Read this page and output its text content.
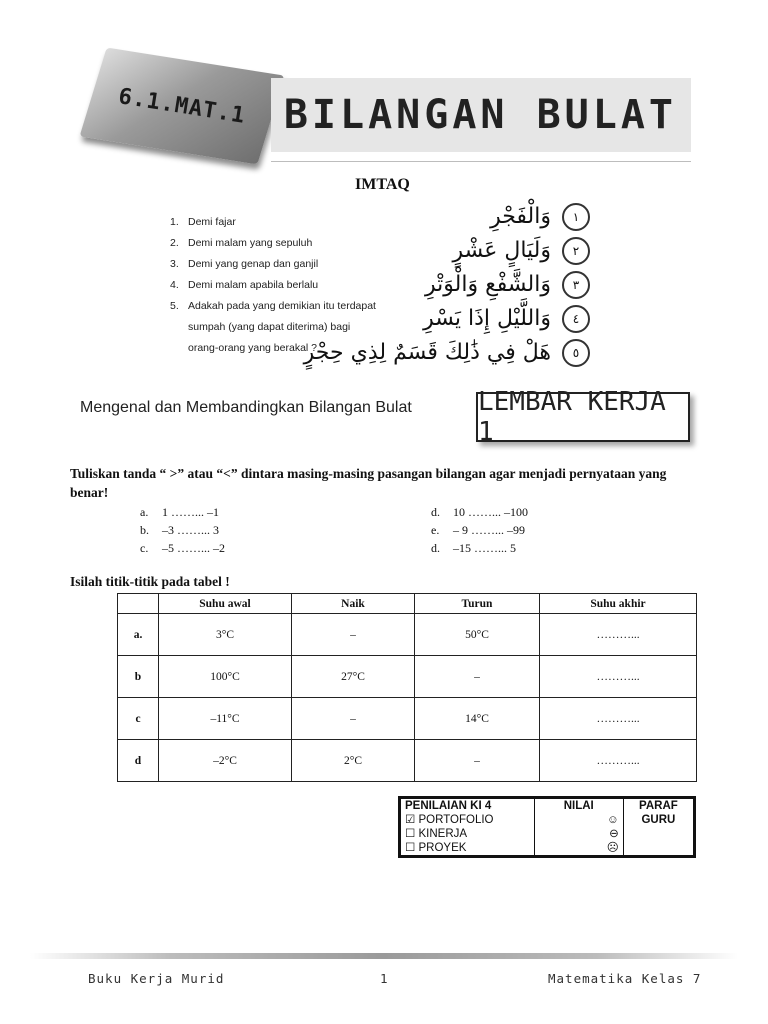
6.1.MAT.1 BILANGAN BULAT
IMTAQ
1. Demi fajar
2. Demi malam yang sepuluh
3. Demi yang genap dan ganjil
4. Demi malam apabila berlalu
5. Adakah pada yang demikian itu terdapat
sumpah (yang dapat diterima) bagi
orang-orang yang berakal ?
١ وَالْفَجْرِ
٢ وَلَيَالٍ عَشْرٍ
٣ وَالشَّفْعِ وَالْوَتْرِ
٤ وَاللَّيْلِ إِذَا يَسْرِ
٥ هَلْ فِي ذَٰلِكَ قَسَمٌ لِذِي حِجْرٍ
Mengenal dan Membandingkan Bilangan Bulat	LEMBAR KERJA 1
Tuliskan tanda “ >” atau “<” dintara masing-masing pasangan bilangan agar menjadi pernyataan yang benar!
a. 1 ……... –1
b. –3 ……... 3
c. –5 ……... –2
d. 10 ……... –100
e. – 9 ……... –99
d. –15 ……... 5
Isilah titik-titik pada tabel !
	Suhu awal	Naik	Turun	Suhu akhir
a.	3°C	–	50°C	………...
b	100°C	27°C	–	………...
c	–11°C	–	14°C	………...
d	–2°C	2°C	–	………...
PENILAIAN KI 4
☑ PORTOFOLIO
☐ KINERJA
☐ PROYEK

NILAI
☺
⊖
☹

PARAF
GURU
Buku Kerja Murid	1	Matematika Kelas 7
